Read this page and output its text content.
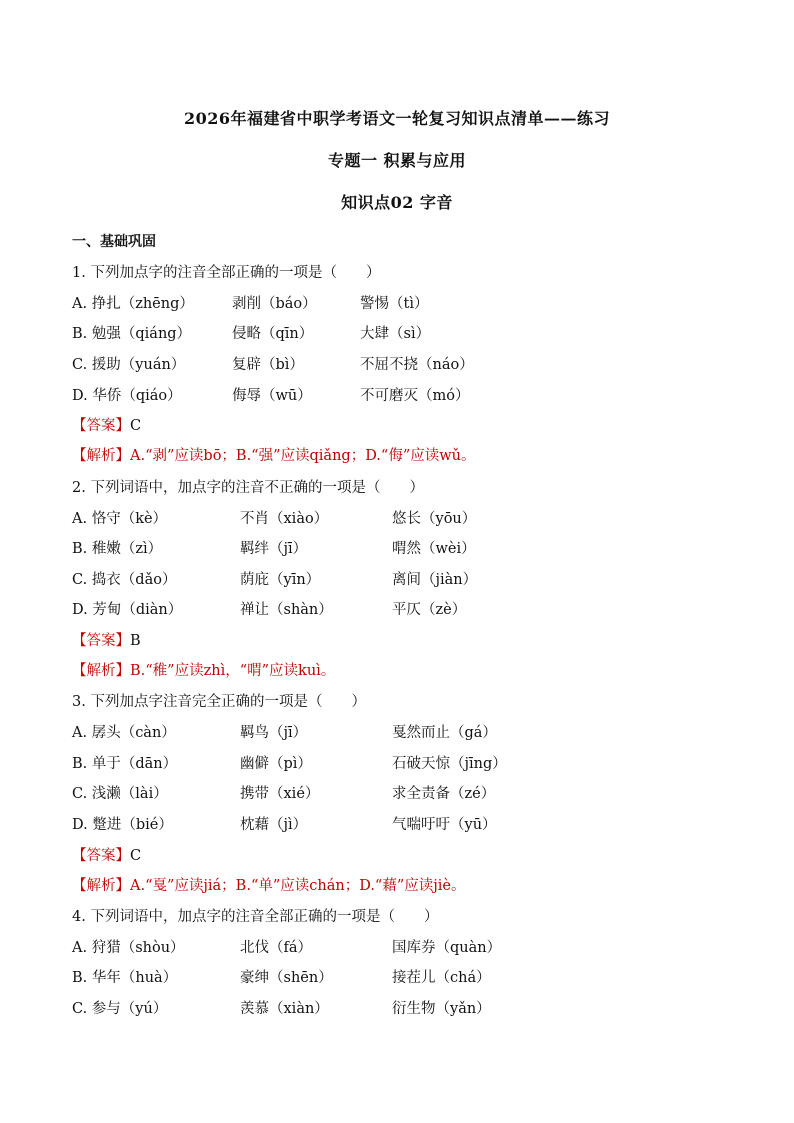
2026年福建省中职学考语文一轮复习知识点清单——练习
专题一 积累与应用
知识点02 字音
一、基础巩固
1. 下列加点字的注音全部正确的一项是（　　）
A. 挣扎（zhēng）	剥削（báo）	警惕（tì）
B. 勉强（qiáng）	侵略（qīn）	大肆（sì）
C. 援助（yuán）	复辟（bì）	不屈不挠（náo）
D. 华侨（qiáo）	侮辱（wū）	不可磨灭（mó）
【答案】C
【解析】A.“剥”应读bō；B.“强”应读qiǎng；D.“侮”应读wǔ。
2. 下列词语中，加点字的注音不正确的一项是（　　）
A. 恪守（kè）	不肖（xiào）	悠长（yōu）
B. 稚嫩（zì）	羁绊（jī）	喟然（wèi）
C. 捣衣（dǎo）	荫庇（yīn）	离间（jiàn）
D. 芳甸（diàn）	禅让（shàn）	平仄（zè）
【答案】B
【解析】B.“稚”应读zhì，“喟”应读kuì。
3. 下列加点字注音完全正确的一项是（　　）
A. 孱头（càn）	羁鸟（jī）	戛然而止（gá）
B. 单于（dān）	幽僻（pì）	石破天惊（jīng）
C. 浅濑（lài）	携带（xié）	求全责备（zé）
D. 蹩进（bié）	枕藉（jì）	气喘吁吁（yū）
【答案】C
【解析】A.“戛”应读jiá；B.“单”应读chán；D.“藉”应读jiè。
4. 下列词语中，加点字的注音全部正确的一项是（　　）
A. 狩猎（shòu）	北伐（fá）	国库券（quàn）
B. 华年（huà）	豪绅（shēn）	接茬儿（chá）
C. 参与（yú）	羡慕（xiàn）	衍生物（yǎn）
